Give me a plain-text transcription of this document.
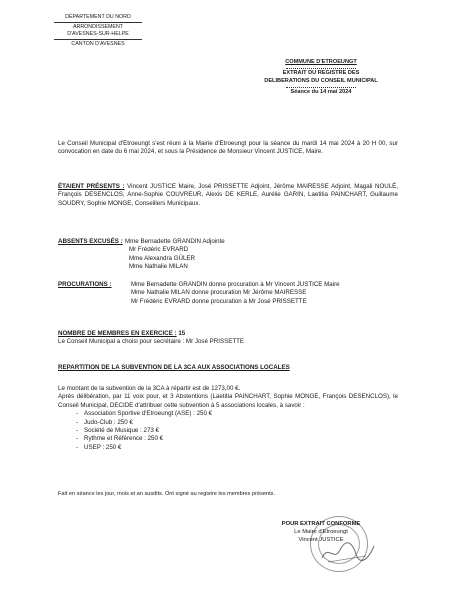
DÉPARTEMENT DU NORD
ARRONDISSEMENT
D'AVESNES-SUR-HELPE
CANTON D'AVESNES
COMMUNE D'ETROEUNGT
EXTRAIT DU REGISTRE DES
DELIBERATIONS DU CONSEIL MUNICIPAL
Séance du 14 mai 2024
Le Conseil Municipal d'Etroeungt s'est réuni à la Mairie d'Etroeungt pour la séance du mardi 14 mai 2024 à 20 H 00, sur convocation en date du 6 mai 2024, et sous la Présidence de Monsieur Vincent JUSTICE, Maire.
ÉTAIENT PRÉSENTS : Vincent JUSTICE Maire, José PRISSETTE Adjoint, Jérôme MAIRESSE Adjoint, Magali NOULÉ, François DESENCLOS, Anne-Sophie COUVREUR, Alexis DE KERLE, Aurélie GARIN, Laetitia PAINCHART, Guillaume SOUDRY, Sophie MONGE, Conseillers Municipaux.
ABSENTS EXCUSÉS : Mme Bernadette GRANDIN Adjointe
Mr Frédéric EVRARD
Mme Alexandra GÜLER
Mme Nathalie MILAN
PROCURATIONS :	Mme Bernadette GRANDIN donne procuration à Mr Vincent JUSTICE Maire
Mme Nathalie MILAN donne procuration Mr Jérôme MAIRESSE
Mr Frédéric EVRARD donne procuration à Mr José PRISSETTE
NOMBRE DE MEMBRES EN EXERCICE : 15
Le Conseil Municipal a choisi pour secrétaire : Mr José PRISSETTE
REPARTITION DE LA SUBVENTION DE LA 3CA AUX ASSOCIATIONS LOCALES
Le montant de la subvention de la 3CA à répartir est de 1273,00 €.
Après délibération, par 11 voix pour, et 3 Abstentions (Laetitia PAINCHART, Sophie MONGE, François DESENCLOS), le Conseil Municipal, DECIDE d'attribuer cette subvention à 5 associations locales, à savoir :
- Association Sportive d'Etroeungt (ASE) : 250 €
- Judo-Club : 250 €
- Société de Musique : 273 €
- Rythme et Référence : 250 €
- USEP : 250 €
Fait en séance les jour, mois et an susdits. Ont signé au registre les membres présents.
POUR EXTRAIT CONFORME
Le Maire d'Etroeungt
Vincent JUSTICE
